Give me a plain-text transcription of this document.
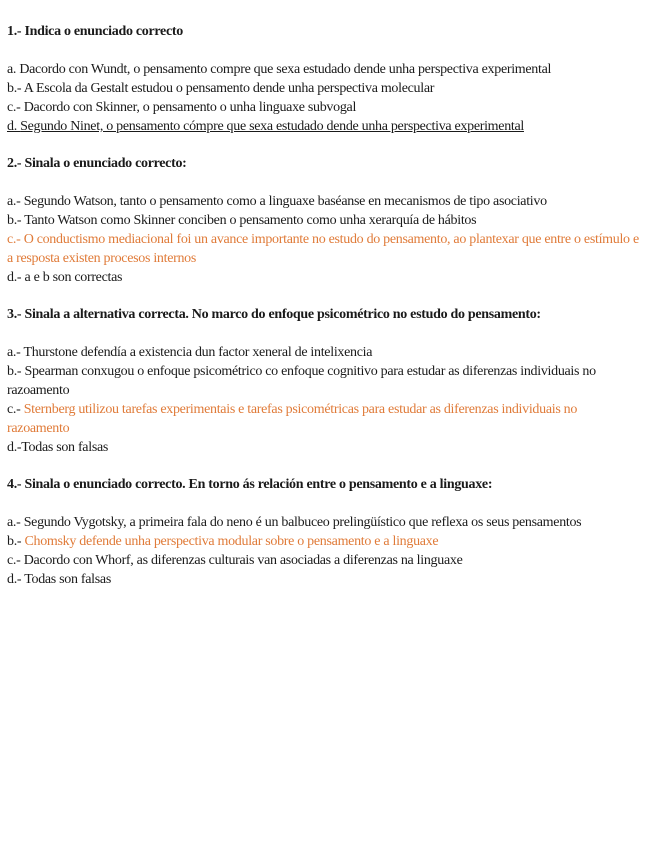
1.- Indica o enunciado correcto

a. Dacordo con Wundt, o pensamento compre que sexa estudado dende unha perspectiva experimental

b.- A Escola da Gestalt estudou o pensamento dende unha perspectiva molecular

c.- Dacordo con Skinner, o pensamento o unha linguaxe subvogal

d. Segundo Ninet, o pensamento cómpre que sexa estudado dende unha perspectiva experimental

2.- Sinala o enunciado correcto:

a.- Segundo Watson, tanto o pensamento como a linguaxe baséanse en mecanismos de tipo asociativo

b.- Tanto Watson como Skinner conciben o pensamento como unha xerarquía de hábitos

c.- O conductismo mediacional foi un avance importante no estudo do pensamento, ao plantexar que entre o estímulo e a resposta existen procesos internos

d.- a e b son correctas

3.- Sinala a alternativa correcta. No marco do enfoque psicométrico no estudo do pensamento:

a.- Thurstone defendía a existencia dun factor xeneral de intelixencia

b.- Spearman conxugou o enfoque psicométrico co enfoque cognitivo para estudar as diferenzas individuais no razoamento

c.- Sternberg utilizou tarefas experimentais e tarefas psicométricas para estudar as diferenzas individuais no razoamento

d.-Todas son falsas

4.- Sinala o enunciado correcto. En torno ás relación entre o pensamento e a linguaxe:

a.- Segundo Vygotsky, a primeira fala do neno é un balbuceo prelingüístico que reflexa os seus pensamentos

b.- Chomsky defende unha perspectiva modular sobre o pensamento e a linguaxe

c.- Dacordo con Whorf, as diferenzas culturais van asociadas a diferenzas na linguaxe

d.- Todas son falsas
